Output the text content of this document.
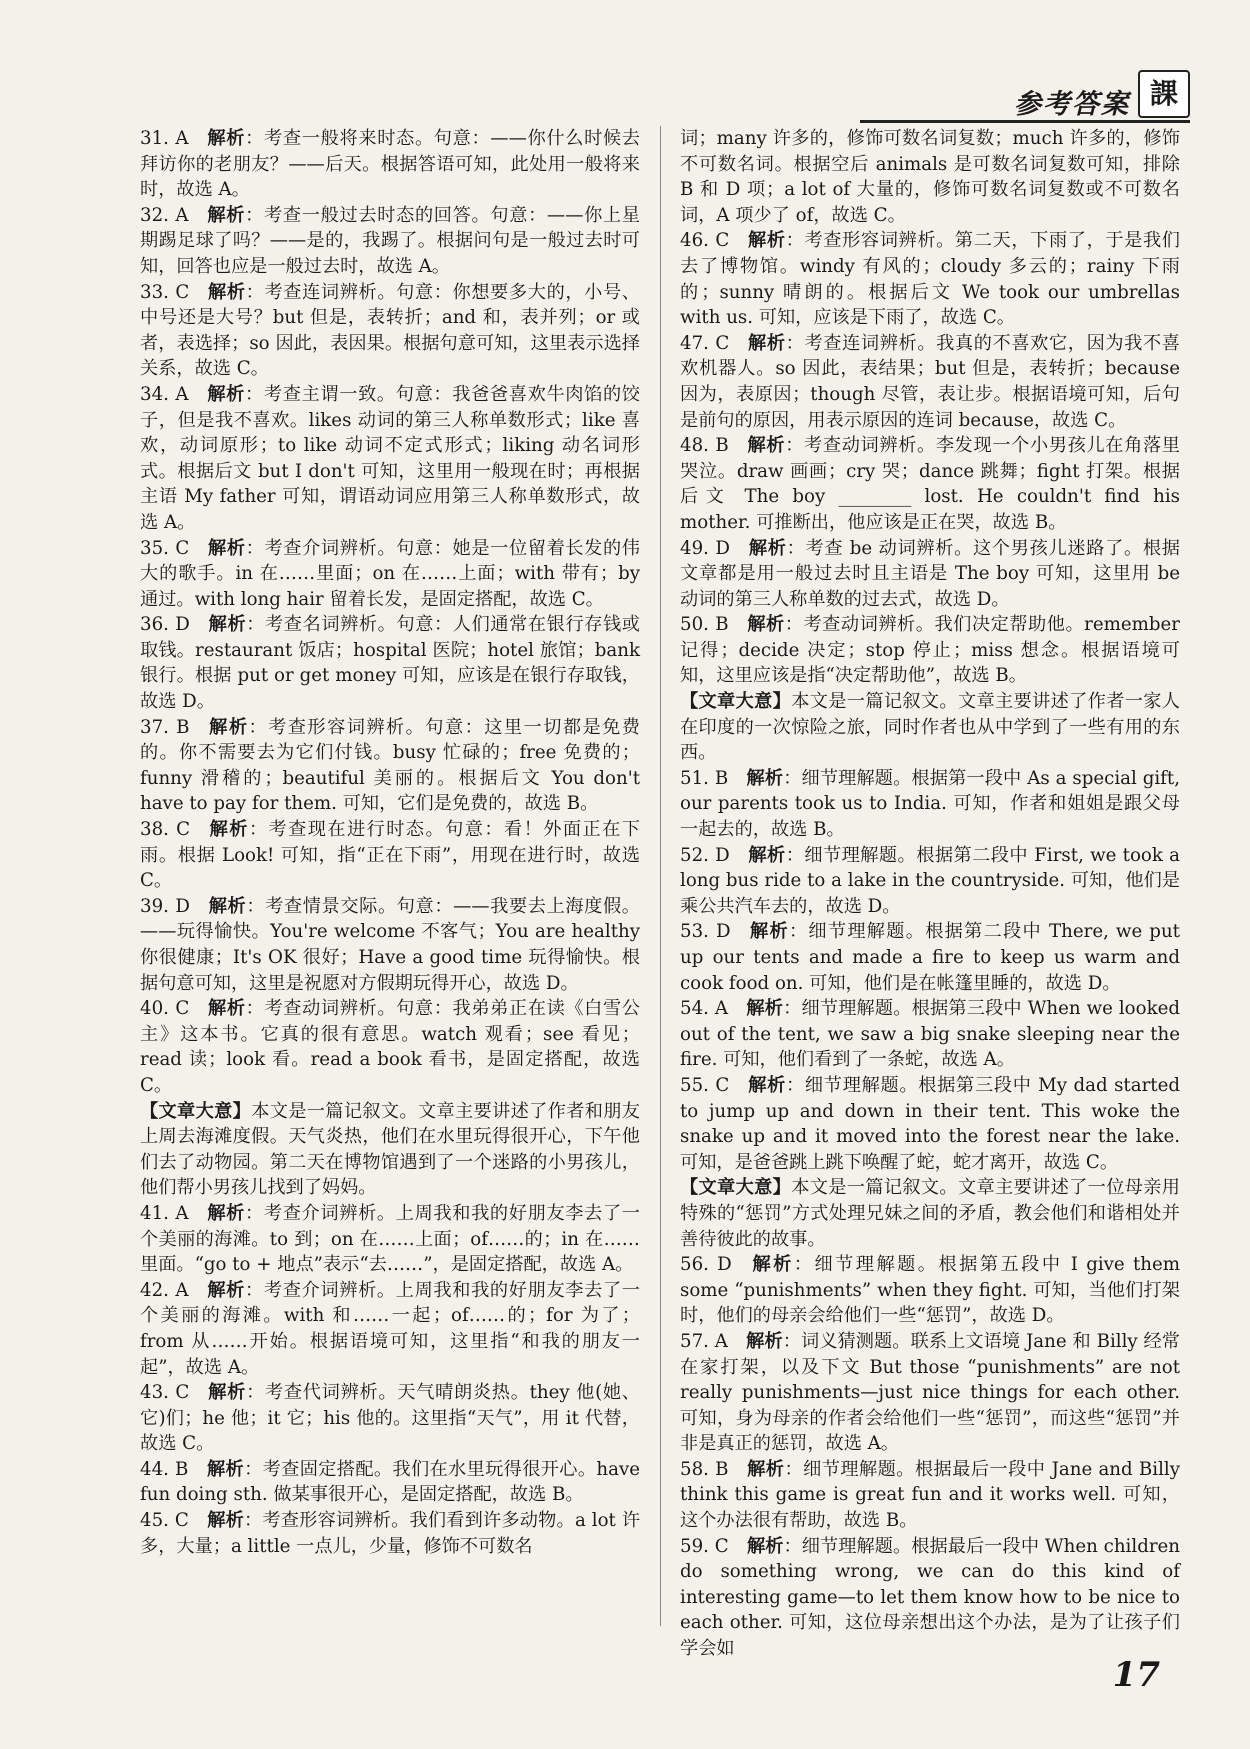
参考答案 課

31. A  解析：考查一般将来时态。句意：——你什么时候去拜访你的老朋友？——后天。根据答语可知，此处用一般将来时，故选 A。

32. A  解析：考查一般过去时态的回答。句意：——你上星期踢足球了吗？——是的，我踢了。根据问句是一般过去时可知，回答也应是一般过去时，故选 A。

33. C  解析：考查连词辨析。句意：你想要多大的，小号、中号还是大号？but 但是，表转折；and 和，表并列；or 或者，表选择；so 因此，表因果。根据句意可知，这里表示选择关系，故选 C。

34. A  解析：考查主谓一致。句意：我爸爸喜欢牛肉馅的饺子，但是我不喜欢。likes 动词的第三人称单数形式；like 喜欢，动词原形；to like 动词不定式形式；liking 动名词形式。根据后文 but I don't 可知，这里用一般现在时；再根据主语 My father 可知，谓语动词应用第三人称单数形式，故选 A。

35. C  解析：考查介词辨析。句意：她是一位留着长发的伟大的歌手。in 在……里面；on 在……上面；with 带有；by 通过。with long hair 留着长发，是固定搭配，故选 C。

36. D  解析：考查名词辨析。句意：人们通常在银行存钱或取钱。restaurant 饭店；hospital 医院；hotel 旅馆；bank 银行。根据 put or get money 可知，应该是在银行存取钱，故选 D。

37. B  解析：考查形容词辨析。句意：这里一切都是免费的。你不需要去为它们付钱。busy 忙碌的；free 免费的；funny 滑稽的；beautiful 美丽的。根据后文 You don't have to pay for them. 可知，它们是免费的，故选 B。

38. C  解析：考查现在进行时态。句意：看！外面正在下雨。根据 Look! 可知，指“正在下雨”，用现在进行时，故选 C。

39. D  解析：考查情景交际。句意：——我要去上海度假。——玩得愉快。You're welcome 不客气；You are healthy 你很健康；It's OK 很好；Have a good time 玩得愉快。根据句意可知，这里是祝愿对方假期玩得开心，故选 D。

40. C  解析：考查动词辨析。句意：我弟弟正在读《白雪公主》这本书。它真的很有意思。watch 观看；see 看见；read 读；look 看。read a book 看书，是固定搭配，故选 C。

【文章大意】本文是一篇记叙文。文章主要讲述了作者和朋友上周去海滩度假。天气炎热，他们在水里玩得很开心，下午他们去了动物园。第二天在博物馆遇到了一个迷路的小男孩儿，他们帮小男孩儿找到了妈妈。

41. A  解析：考查介词辨析。上周我和我的好朋友李去了一个美丽的海滩。to 到；on 在……上面；of……的；in 在……里面。“go to + 地点”表示“去……”，是固定搭配，故选 A。

42. A  解析：考查介词辨析。上周我和我的好朋友李去了一个美丽的海滩。with 和……一起；of……的；for 为了；from 从……开始。根据语境可知，这里指“和我的朋友一起”，故选 A。

43. C  解析：考查代词辨析。天气晴朗炎热。they 他(她、它)们；he 他；it 它；his 他的。这里指“天气”，用 it 代替，故选 C。

44. B  解析：考查固定搭配。我们在水里玩得很开心。have fun doing sth. 做某事很开心，是固定搭配，故选 B。

45. C  解析：考查形容词辨析。我们看到许多动物。a lot 许多，大量；a little 一点儿，少量，修饰不可数名

词；many 许多的，修饰可数名词复数；much 许多的，修饰不可数名词。根据空后 animals 是可数名词复数可知，排除 B 和 D 项；a lot of 大量的，修饰可数名词复数或不可数名词，A 项少了 of，故选 C。

46. C  解析：考查形容词辨析。第二天，下雨了，于是我们去了博物馆。windy 有风的；cloudy 多云的；rainy 下雨的；sunny 晴朗的。根据后文 We took our umbrellas with us. 可知，应该是下雨了，故选 C。

47. C  解析：考查连词辨析。我真的不喜欢它，因为我不喜欢机器人。so 因此，表结果；but 但是，表转折；because 因为，表原因；though 尽管，表让步。根据语境可知，后句是前句的原因，用表示原因的连词 because，故选 C。

48. B  解析：考查动词辨析。李发现一个小男孩儿在角落里哭泣。draw 画画；cry 哭；dance 跳舞；fight 打架。根据后文 The boy ________ lost. He couldn't find his mother. 可推断出，他应该是正在哭，故选 B。

49. D  解析：考查 be 动词辨析。这个男孩儿迷路了。根据文章都是用一般过去时且主语是 The boy 可知，这里用 be 动词的第三人称单数的过去式，故选 D。

50. B  解析：考查动词辨析。我们决定帮助他。remember 记得；decide 决定；stop 停止；miss 想念。根据语境可知，这里应该是指“决定帮助他”，故选 B。

【文章大意】本文是一篇记叙文。文章主要讲述了作者一家人在印度的一次惊险之旅，同时作者也从中学到了一些有用的东西。

51. B  解析：细节理解题。根据第一段中 As a special gift, our parents took us to India. 可知，作者和姐姐是跟父母一起去的，故选 B。

52. D  解析：细节理解题。根据第二段中 First, we took a long bus ride to a lake in the countryside. 可知，他们是乘公共汽车去的，故选 D。

53. D  解析：细节理解题。根据第二段中 There, we put up our tents and made a fire to keep us warm and cook food on. 可知，他们是在帐篷里睡的，故选 D。

54. A  解析：细节理解题。根据第三段中 When we looked out of the tent, we saw a big snake sleeping near the fire. 可知，他们看到了一条蛇，故选 A。

55. C  解析：细节理解题。根据第三段中 My dad started to jump up and down in their tent. This woke the snake up and it moved into the forest near the lake. 可知，是爸爸跳上跳下唤醒了蛇，蛇才离开，故选 C。

【文章大意】本文是一篇记叙文。文章主要讲述了一位母亲用特殊的“惩罚”方式处理兄妹之间的矛盾，教会他们和谐相处并善待彼此的故事。

56. D  解析：细节理解题。根据第五段中 I give them some “punishments” when they fight. 可知，当他们打架时，他们的母亲会给他们一些“惩罚”，故选 D。

57. A  解析：词义猜测题。联系上文语境 Jane 和 Billy 经常在家打架，以及下文 But those “punishments” are not really punishments—just nice things for each other. 可知，身为母亲的作者会给他们一些“惩罚”，而这些“惩罚”并非是真正的惩罚，故选 A。

58. B  解析：细节理解题。根据最后一段中 Jane and Billy think this game is great fun and it works well. 可知，这个办法很有帮助，故选 B。

59. C  解析：细节理解题。根据最后一段中 When children do something wrong, we can do this kind of interesting game—to let them know how to be nice to each other. 可知，这位母亲想出这个办法，是为了让孩子们学会如

17
